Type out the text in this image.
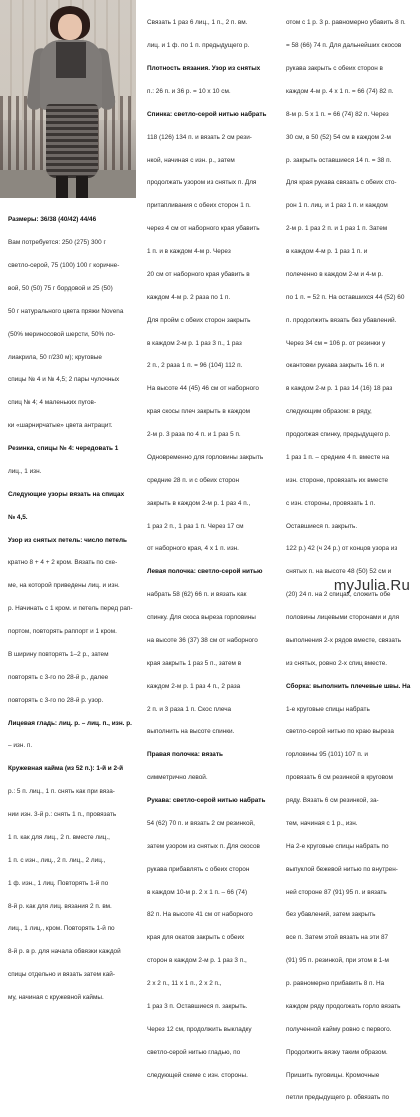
Размеры: 36/38 (40/42) 44/46

Вам потребуется: 250 (275) 300 г

светло-серой, 75 (100) 100 г коричне-

вой, 50 (50) 75 г бордовой и 25 (50)

50 г натурального цвета пряжи Novena

(50% мериносовой шерсти, 50% по-

лиакрила, 50 г/230 м); круговые

спицы № 4 и № 4,5; 2 пары чулочных

спиц № 4; 4 маленьких пугов-

ки «шарнирчатые» цвета антрацит.

Резинка, спицы № 4: чередовать 1

лиц., 1 изн.

Следующие узоры вязать на спицах

№ 4,5.

Узор из снятых петель: число петель

кратно 8 + 4 + 2 кром. Вязать по схе-

ме, на которой приведены лиц. и изн.

р. Начинать с 1 кром. и петель перед рап-

портом, повторять раппорт и 1 кром.

В ширину повторять 1–2 р., затем

повторять с 3-го по 28-й р., далее

повторять с 3-го по 28-й р. узор.

Лицевая гладь: лиц. р. – лиц. п., изн. р.

– изн. п.

Кружевная кайма (из 52 п.): 1-й и 2-й

р.: 5 п. лиц., 1 п. снять как при вяза-

нии изн. 3-й р.: снять 1 п., провязать

1 п. как для лиц., 2 п. вместе лиц.,

1 п. с изн., лиц., 2 п. лиц., 2 лиц.,

1 ф. изн., 1 лиц. Повторять 1-й по

8-й р. как для лиц. вязания 2 п. вм.

лиц., 1 лиц., кром. Повторять 1-й по

8-й р. в р. для начала обвязки каждой

спицы отдельно и вязать затем кай-

му, начиная с кружевной каймы.

Связать 1 раз 6 лиц., 1 п., 2 п. вм.

лиц. и 1 ф. по 1 п. предыдущего р.

Плотность вязания. Узор из снятых

п.: 26 п. и 36 р. = 10 x 10 см.

Спинка: светло-серой нитью набрать

118 (126) 134 п. и вязать 2 см рези-

нкой, начиная с изн. р., затем

продолжать узором из снятых п. Для

притапливания с обеих сторон 1 п.

через 4 см от наборного края убавить

1 п. и в каждом 4-м р. Через

20 см от наборного края убавить в

каждом 4-м р. 2 раза по 1 п.

Для пройм с обеих сторон закрыть

в каждом 2-м р. 1 раз 3 п., 1 раз

2 п., 2 раза 1 п. = 96 (104) 112 п.

На высоте 44 (45) 46 см от наборного

края скосы плеч закрыть в каждом

2-м р. 3 раза по 4 п. и 1 раз 5 п.

Одновременно для горловины закрыть

средние 28 п. и с обеих сторон

закрыть в каждом 2-м р. 1 раз 4 п.,

1 раз 2 п., 1 раз 1 п. Через 17 см

от наборного края, 4 х 1 п. изн.

Левая полочка: светло-серой нитью

набрать 58 (62) 66 п. и вязать как

спинку. Для скоса выреза горловины

на высоте 36 (37) 38 см от наборного

края закрыть 1 раз 5 п., затем в

каждом 2-м р. 1 раз 4 п., 2 раза

2 п. и 3 раза 1 п. Скос плеча

выполнить на высоте спинки.

Правая полочка: вязать

симметрично левой.

Рукава: светло-серой нитью набрать

54 (62) 70 п. и вязать 2 см резинкой,

затем узором из снятых п. Для скосов

рукава прибавлять с обеих сторон

в каждом 10-м р. 2 x 1 п. – 66 (74)

82 п. На высоте 41 см от наборного

края для окатов закрыть с обеих

сторон в каждом 2-м р. 1 раз 3 п.,

2 x 2 п., 11 x 1 п., 2 x 2 п.,

1 раз 3 п. Оставшиеся п. закрыть.

Через 12 см, продолжить выкладку

светло-серой нитью гладью, по

следующей схеме с изн. стороны.

отом с 1 р. 3 р. равномерно убавить 8 п.

= 58 (66) 74 п. Для дальнейших скосов

рукава закрыть с обеих сторон в

каждом 4-м р. 4 x 1 п. = 66 (74) 82 п.

8-м р. 5 x 1 п. = 66 (74) 82 п. Через

30 см, в 50 (52) 54 см в каждом 2-м

р. закрыть оставшиеся 14 п. = 38 п.

Для края рукава связать с обеих сто-

рон 1 п. лиц. и 1 раз 1 п. и каждом

2-м р. 1 раз 2 п. и 1 раз 1 п. Затем

в каждом 4-м р. 1 раз 1 п. и

полеченно в каждом 2-м и 4-м р.

по 1 п. = 52 п. На оставшихся 44 (52) 60

п. продолжить вязать без убавлений.

Через 34 см = 106 р. от резинки у

окантовки рукава закрыть 16 п. и

в каждом 2-м р. 1 раз 14 (16) 18 раз

следующим образом: в ряду,

продолжая спинку, предыдущего р.

1 раз 1 п. – средние 4 п. вместе на

изн. стороне, провязать их вместе

с изн. стороны, провязать 1 п.

Оставшиеся п. закрыть.

122 р.) 42 (ч 24 р.) от концов узора из

снятых п. на высоте 48 (50) 52 см и

(20) 24 п. на 2 спицах, сложить обе

половины лицевыми сторонами и для

выполнения 2-х рядов вместе, связать

из снятых, ровно 2-х спиц вместе.

Сборка: выполнить плечевые швы. На

1-е круговые спицы набрать

светло-серой нитью по краю выреза

горловины 95 (101) 107 п. и

провязать 6 см резинкой в круговом

ряду. Вязать 6 см резинкой, за-

тем, начиная с 1 р., изн.

На 2-е круговые спицы набрать по

выпуклой бежевой нитью по внутрен-

ней стороне 87 (91) 95 п. и вязать

без убавлений, затем закрыть

все п. Затем этой вязать на эти 87

(91) 95 п. резинкой, при этом в 1-м

р. равномерно прибавить 8 п. На

каждом ряду продолжать горло вязать

полученной кайму ровно с первого.

Продолжить вязку таким образом.

Пришить пуговицы. Кромочные

петли предыдущего р. обвязать по

myJulia.Ru
